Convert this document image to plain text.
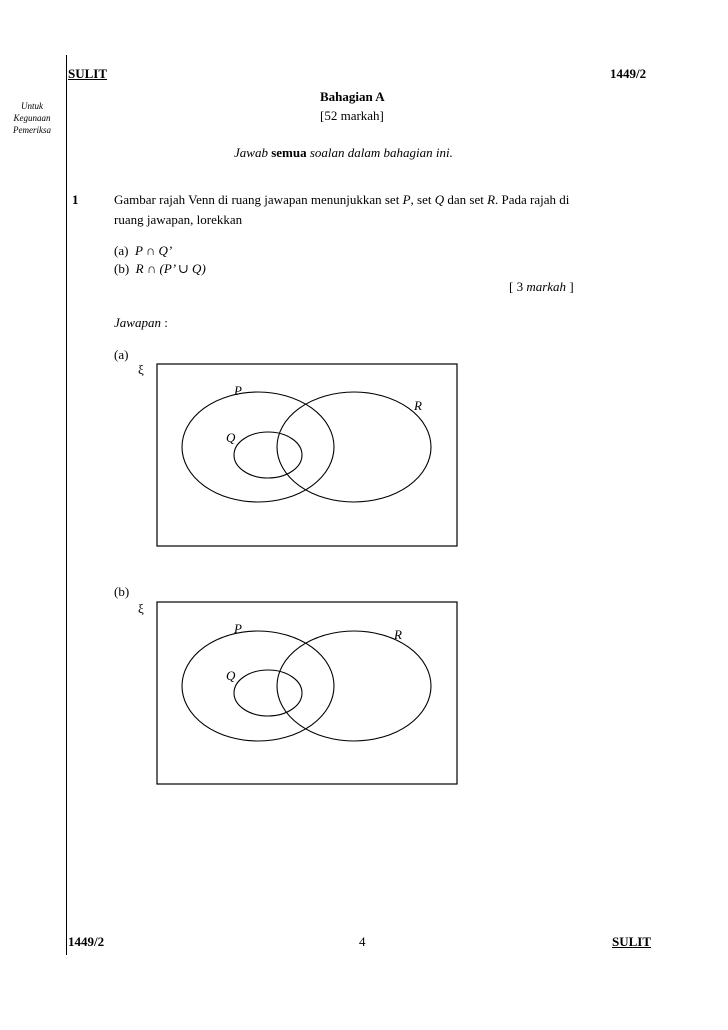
SULIT	1449/2
Untuk
Kegunaan
Pemeriksa
Bahagian A
[52 markah]
Jawab semua soalan dalam bahagian ini.
1	Gambar rajah Venn di ruang jawapan menunjukkan set P, set Q dan set R. Pada rajah di
ruang jawapan, lorekkan
(a) P ∩ Q’
(b) R ∩ (P’ ∪ Q)
[ 3 markah ]
Jawapan :
(a)
ξ
P
R
Q
(b)
ξ
P	R
Q
1449/2	4	SULIT
